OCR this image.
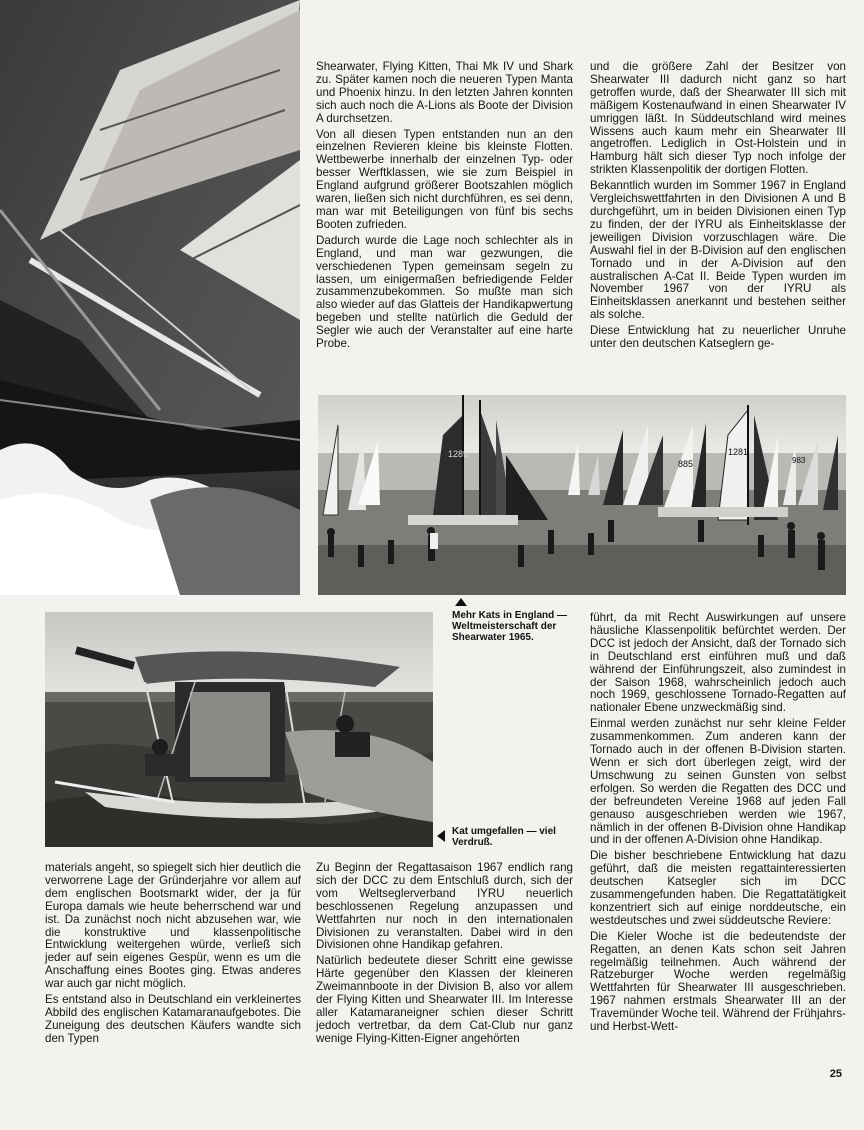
Shearwater, Flying Kitten, Thai Mk IV und Shark zu. Später kamen noch die neueren Typen Manta und Phoenix hinzu. In den letzten Jahren konnten sich auch noch die A-Lions als Boote der Division A durchsetzen.

Von all diesen Typen entstanden nun an den einzelnen Revieren kleine bis kleinste Flotten. Wettbewerbe innerhalb der einzelnen Typ- oder besser Werftklassen, wie sie zum Beispiel in England aufgrund größerer Bootszahlen möglich waren, ließen sich nicht durchführen, es sei denn, man war mit Beteiligungen von fünf bis sechs Booten zufrieden.

Dadurch wurde die Lage noch schlechter als in England, und man war gezwungen, die verschiedenen Typen gemeinsam segeln zu lassen, um einigermaßen befriedigende Felder zusammenzubekommen. So mußte man sich also wieder auf das Glatteis der Handikapwertung begeben und stellte natürlich die Geduld der Segler wie auch der Veranstalter auf eine harte Probe.

und die größere Zahl der Besitzer von Shearwater III dadurch nicht ganz so hart getroffen wurde, daß der Shearwater III sich mit mäßigem Kostenaufwand in einen Shearwater IV umriggen läßt. In Süddeutschland wird meines Wissens auch kaum mehr ein Shearwater III angetroffen. Lediglich in Ost-Holstein und in Hamburg hält sich dieser Typ noch infolge der strikten Klassenpolitik der dortigen Flotten.

Bekanntlich wurden im Sommer 1967 in England Vergleichswettfahrten in den Divisionen A und B durchgeführt, um in beiden Divisionen einen Typ zu finden, der der IYRU als Einheitsklasse der jeweiligen Division vorzuschlagen wäre. Die Auswahl fiel in der B-Division auf den englischen Tornado und in der A-Division auf den australischen A-Cat II. Beide Typen wurden im November 1967 von der IYRU als Einheitsklassen anerkannt und bestehen seither als solche.

Diese Entwicklung hat zu neuerlicher Unruhe unter den deutschen Katseglern ge-

1289
885
1281
983
Mehr Kats in England — Weltmeisterschaft der Shearwater 1965.
Kat umgefallen — viel Verdruß.

führt, da mit Recht Auswirkungen auf unsere häusliche Klassenpolitik befürchtet werden. Der DCC ist jedoch der Ansicht, daß der Tornado sich in Deutschland erst einführen muß und daß während der Einführungszeit, also zumindest in der Saison 1968, wahrscheinlich jedoch auch noch 1969, geschlossene Tornado-Regatten auf nationaler Ebene unzweckmäßig sind.

Einmal werden zunächst nur sehr kleine Felder zusammenkommen. Zum anderen kann der Tornado auch in der offenen B-Division starten. Wenn er sich dort überlegen zeigt, wird der Umschwung zu seinen Gunsten von selbst erfolgen. So werden die Regatten des DCC und der befreundeten Vereine 1968 auf jeden Fall genauso ausgeschrieben werden wie 1967, nämlich in der offenen B-Division ohne Handikap und in der offenen A-Division ohne Handikap.

Die bisher beschriebene Entwicklung hat dazu geführt, daß die meisten regattainteressierten deutschen Katsegler sich im DCC zusammengefunden haben. Die Regattatätigkeit konzentriert sich auf einige norddeutsche, ein westdeutsches und zwei süddeutsche Reviere:

Die Kieler Woche ist die bedeutendste der Regatten, an denen Kats schon seit Jahren regelmäßig teilnehmen. Auch während der Ratzeburger Woche werden regelmäßig Wettfahrten für Shearwater III ausgeschrieben. 1967 nahmen erstmals Shearwater III an der Travemünder Woche teil. Während der Frühjahrs- und Herbst-Wett-

materials angeht, so spiegelt sich hier deutlich die verworrene Lage der Gründerjahre vor allem auf dem englischen Bootsmarkt wider, der ja für Europa damals wie heute beherrschend war und ist. Da zunächst noch nicht abzusehen war, wie die konstruktive und klassenpolitische Entwicklung weitergehen würde, verließ sich jeder auf sein eigenes Gespür, wenn es um die Anschaffung eines Bootes ging. Etwas anderes war auch gar nicht möglich.

Es entstand also in Deutschland ein verkleinertes Abbild des englischen Katamaranaufgebotes. Die Zuneigung des deutschen Käufers wandte sich den Typen

Zu Beginn der Regattasaison 1967 endlich rang sich der DCC zu dem Entschluß durch, sich der vom Weltseglerverband IYRU neuerlich beschlossenen Regelung anzupassen und Wettfahrten nur noch in den internationalen Divisionen zu veranstalten. Dabei wird in den Divisionen ohne Handikap gefahren.

Natürlich bedeutete dieser Schritt eine gewisse Härte gegenüber den Klassen der kleineren Zweimannboote in der Division B, also vor allem der Flying Kitten und Shearwater III. Im Interesse aller Katamaraneigner schien dieser Schritt jedoch vertretbar, da dem Cat-Club nur ganz wenige Flying-Kitten-Eigner angehörten

25
